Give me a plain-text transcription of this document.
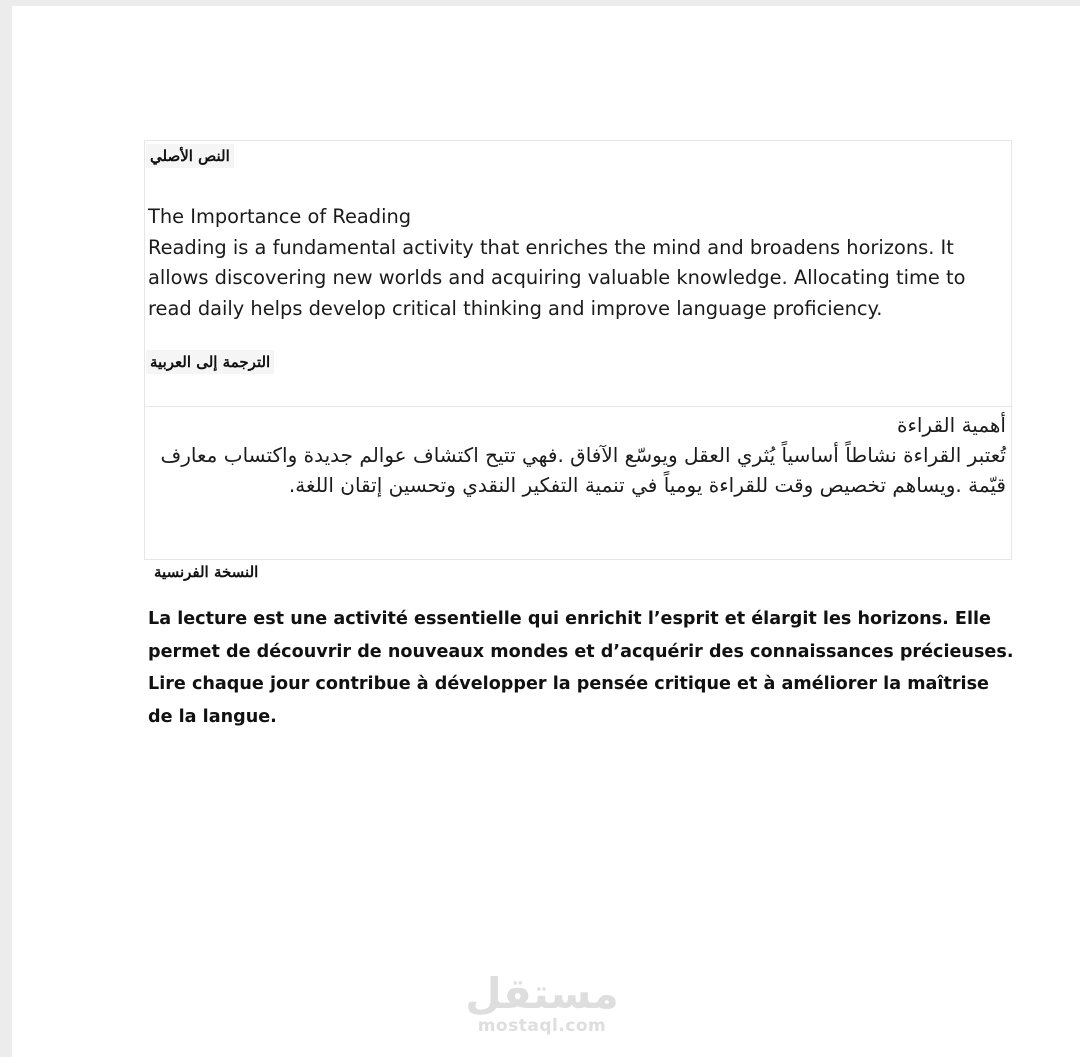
النص الأصلي
The Importance of Reading
Reading is a fundamental activity that enriches the mind and broadens horizons. It allows discovering new worlds and acquiring valuable knowledge. Allocating time to read daily helps develop critical thinking and improve language proficiency.
الترجمة إلى العربية
أهمية القراءة
تُعتبر القراءة نشاطاً أساسياً يُثري العقل ويوسّع الآفاق .فهي تتيح اكتشاف عوالم جديدة واكتساب معارف قيّمة .ويساهم تخصيص وقت للقراءة يومياً في تنمية التفكير النقدي وتحسين إتقان اللغة.
النسخة الفرنسية
La lecture est une activité essentielle qui enrichit l’esprit et élargit les horizons. Elle permet de découvrir de nouveaux mondes et d’acquérir des connaissances précieuses. Lire chaque jour contribue à développer la pensée critique et à améliorer la maîtrise de la langue.
مستقل
mostaql.com
